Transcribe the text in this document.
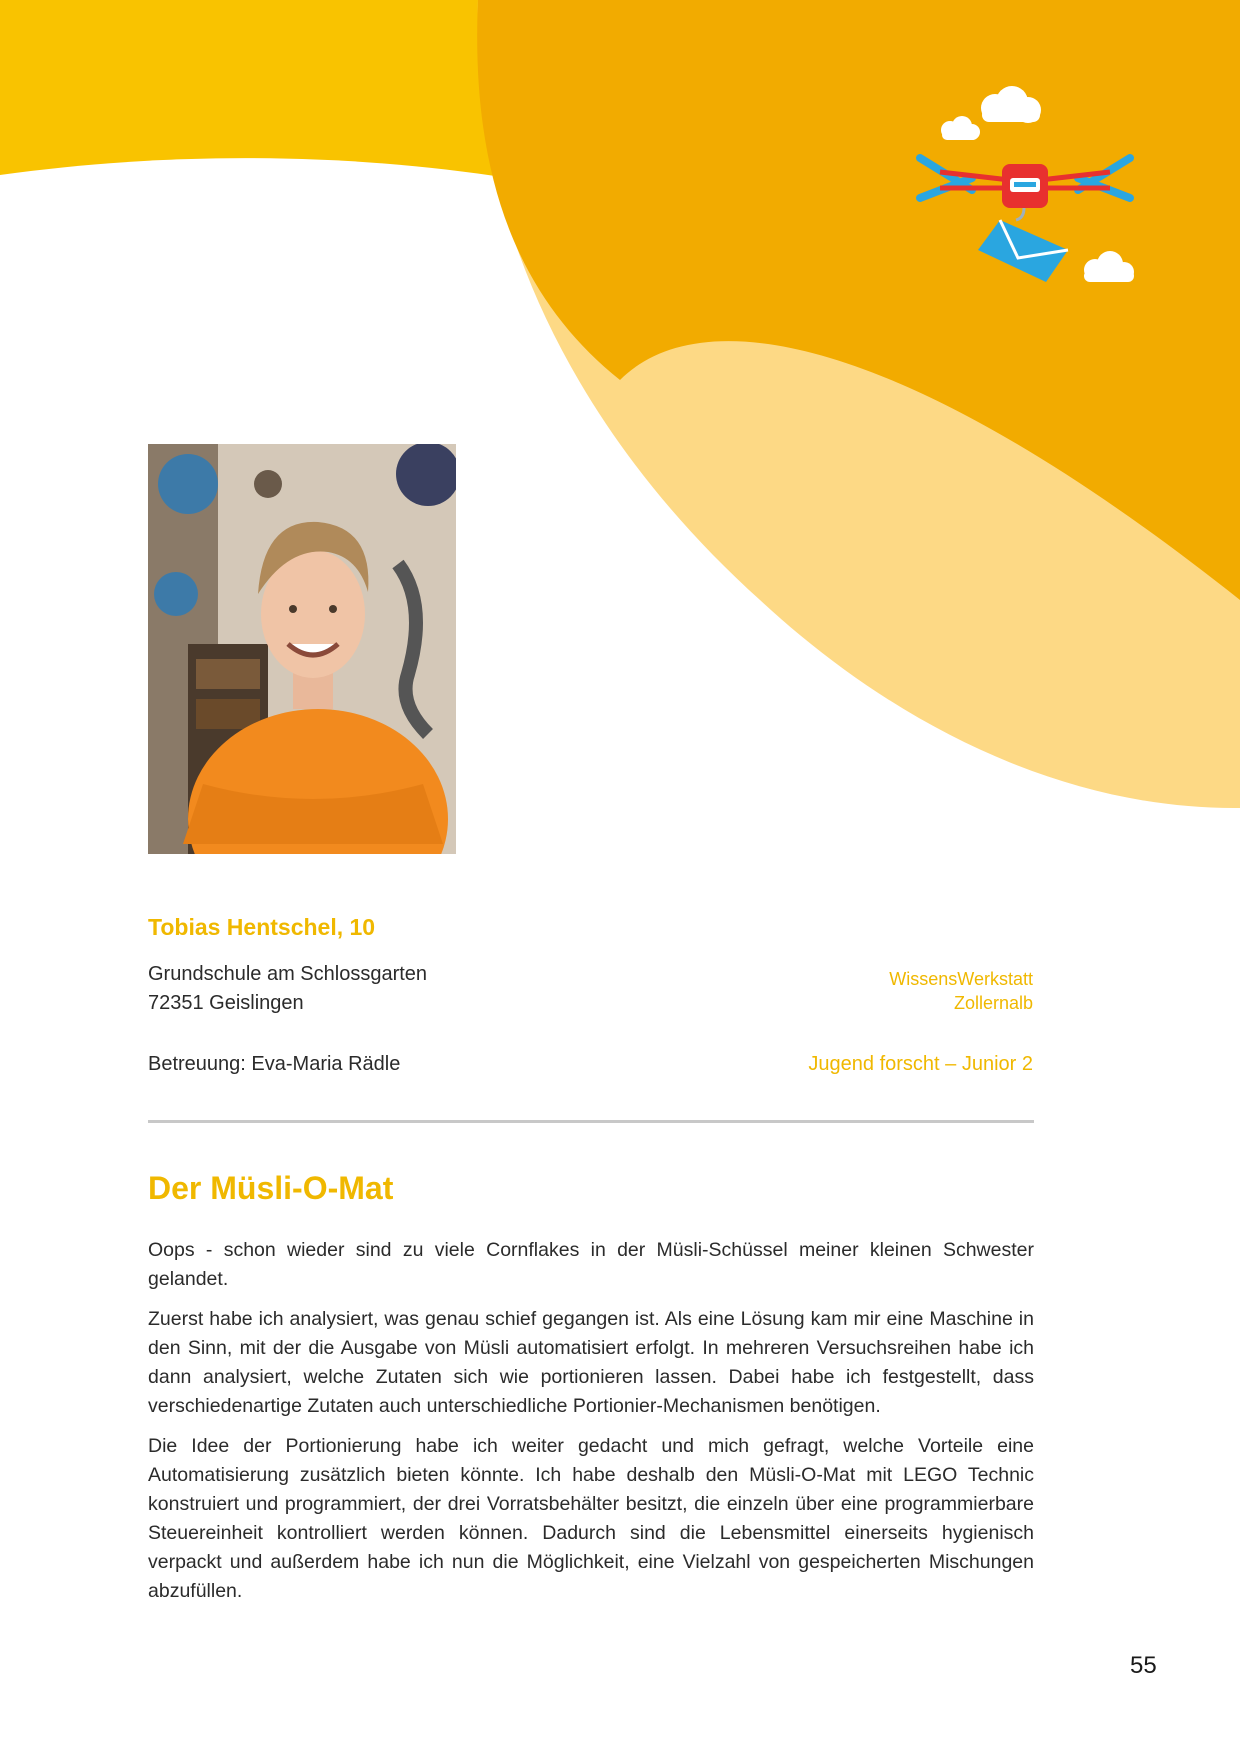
Tobias Hentschel, 10
Grundschule am Schlossgarten
72351 Geislingen
Betreuung: Eva-Maria Rädle
WissensWerkstatt
Zollernalb
Jugend forscht – Junior 2
Der Müsli-O-Mat

Oops - schon wieder sind zu viele Cornflakes in der Müsli-Schüssel meiner kleinen Schwester gelandet.

Zuerst habe ich analysiert, was genau schief gegangen ist. Als eine Lösung kam mir eine Maschine in den Sinn, mit der die Ausgabe von Müsli automatisiert erfolgt. In mehreren Versuchsreihen habe ich dann analysiert, welche Zutaten sich wie portionieren lassen. Dabei habe ich festgestellt, dass verschiedenartige Zutaten auch unterschiedliche Portionier-Mechanismen benötigen.

Die Idee der Portionierung habe ich weiter gedacht und mich gefragt, welche Vorteile eine Automatisierung zusätzlich bieten könnte. Ich habe deshalb den Müsli-O-Mat mit LEGO Technic konstruiert und programmiert, der drei Vorratsbehälter besitzt, die einzeln über eine programmierbare Steuereinheit kontrolliert werden können. Dadurch sind die Lebensmittel einerseits hygienisch verpackt und außerdem habe ich nun die Möglichkeit, eine Vielzahl von gespeicherten Mischungen abzufüllen.

55
